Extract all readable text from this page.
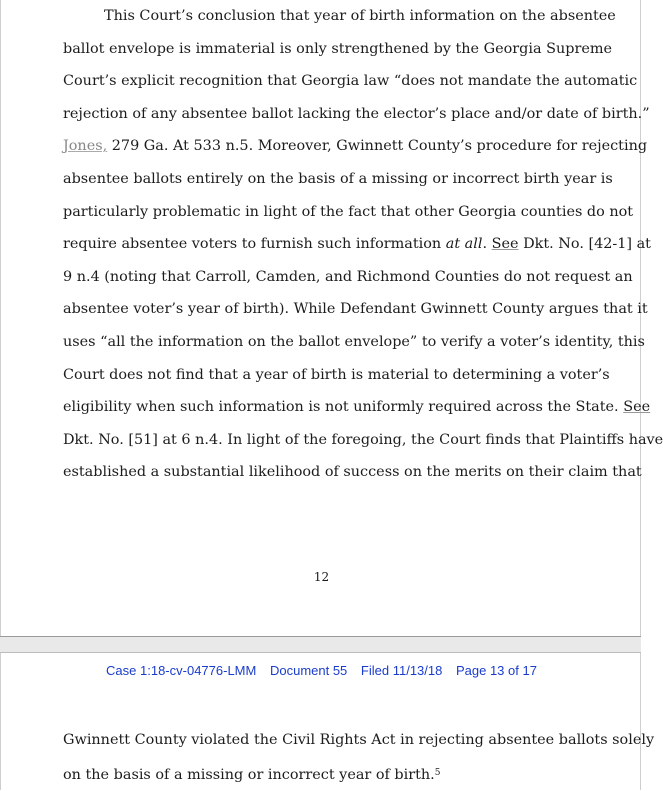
This Court’s conclusion that year of birth information on the absentee
ballot envelope is immaterial is only strengthened by the Georgia Supreme
Court’s explicit recognition that Georgia law “does not mandate the automatic
rejection of any absentee ballot lacking the elector’s place and/or date of birth.”
Jones, 279 Ga. At 533 n.5. Moreover, Gwinnett County’s procedure for rejecting
absentee ballots entirely on the basis of a missing or incorrect birth year is
particularly problematic in light of the fact that other Georgia counties do not
require absentee voters to furnish such information at all. See Dkt. No. [42-1] at
9 n.4 (noting that Carroll, Camden, and Richmond Counties do not request an
absentee voter’s year of birth). While Defendant Gwinnett County argues that it
uses “all the information on the ballot envelope” to verify a voter’s identity, this
Court does not find that a year of birth is material to determining a voter’s
eligibility when such information is not uniformly required across the State. See
Dkt. No. [51] at 6 n.4. In light of the foregoing, the Court finds that Plaintiffs have
established a substantial likelihood of success on the merits on their claim that

12
Case 1:18-cv-04776-LMM Document 55 Filed 11/13/18 Page 13 of 17

Gwinnett County violated the Civil Rights Act in rejecting absentee ballots solely
on the basis of a missing or incorrect year of birth.$^5$
